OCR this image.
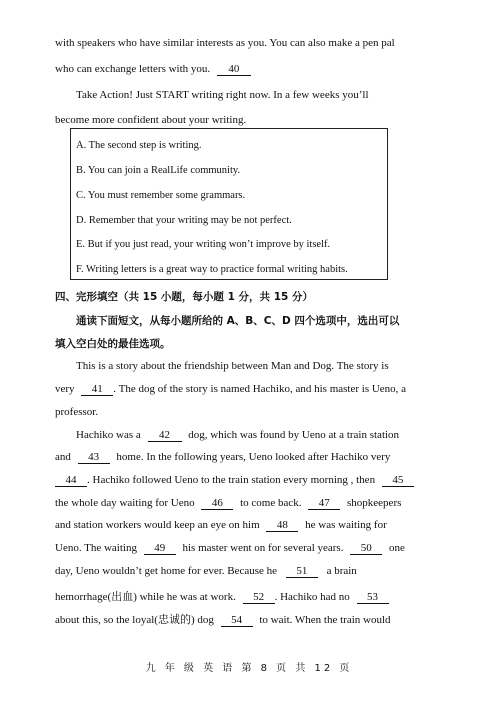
with speakers who have similar interests as you. You can also make a pen pal
who can exchange letters with you. 40
Take Action! Just START writing right now. In a few weeks you’ll
become more confident about your writing.
A. The second step is writing.
B. You can join a RealLife community.
C. You must remember some grammars.
D. Remember that your writing may be not perfect.
E. But if you just read, your writing won’t improve by itself.
F. Writing letters is a great way to practice formal writing habits.
四、完形填空（共 15 小题，每小题 1 分，共 15 分）
通读下面短文，从每小题所给的 A、B、C、D 四个选项中，选出可以
填入空白处的最佳选项。
This is a story about the friendship between Man and Dog. The story is
very 41 . The dog of the story is named Hachiko, and his master is Ueno, a
professor.
Hachiko was a 42 dog, which was found by Ueno at a train station
and 43 home. In the following years, Ueno looked after Hachiko very
44 . Hachiko followed Ueno to the train station every morning , then 45
the whole day waiting for Ueno 46 to come back. 47 shopkeepers
and station workers would keep an eye on him 48 he was waiting for
Ueno. The waiting 49 his master went on for several years. 50 one
day, Ueno wouldn’t get home for ever. Because he 51 a brain
hemorrhage(出血) while he was at work. 52 . Hachiko had no 53
about this, so the loyal(忠诚的) dog 54 to wait. When the train would
九 年 级 英 语 第 8 页 共 12 页
